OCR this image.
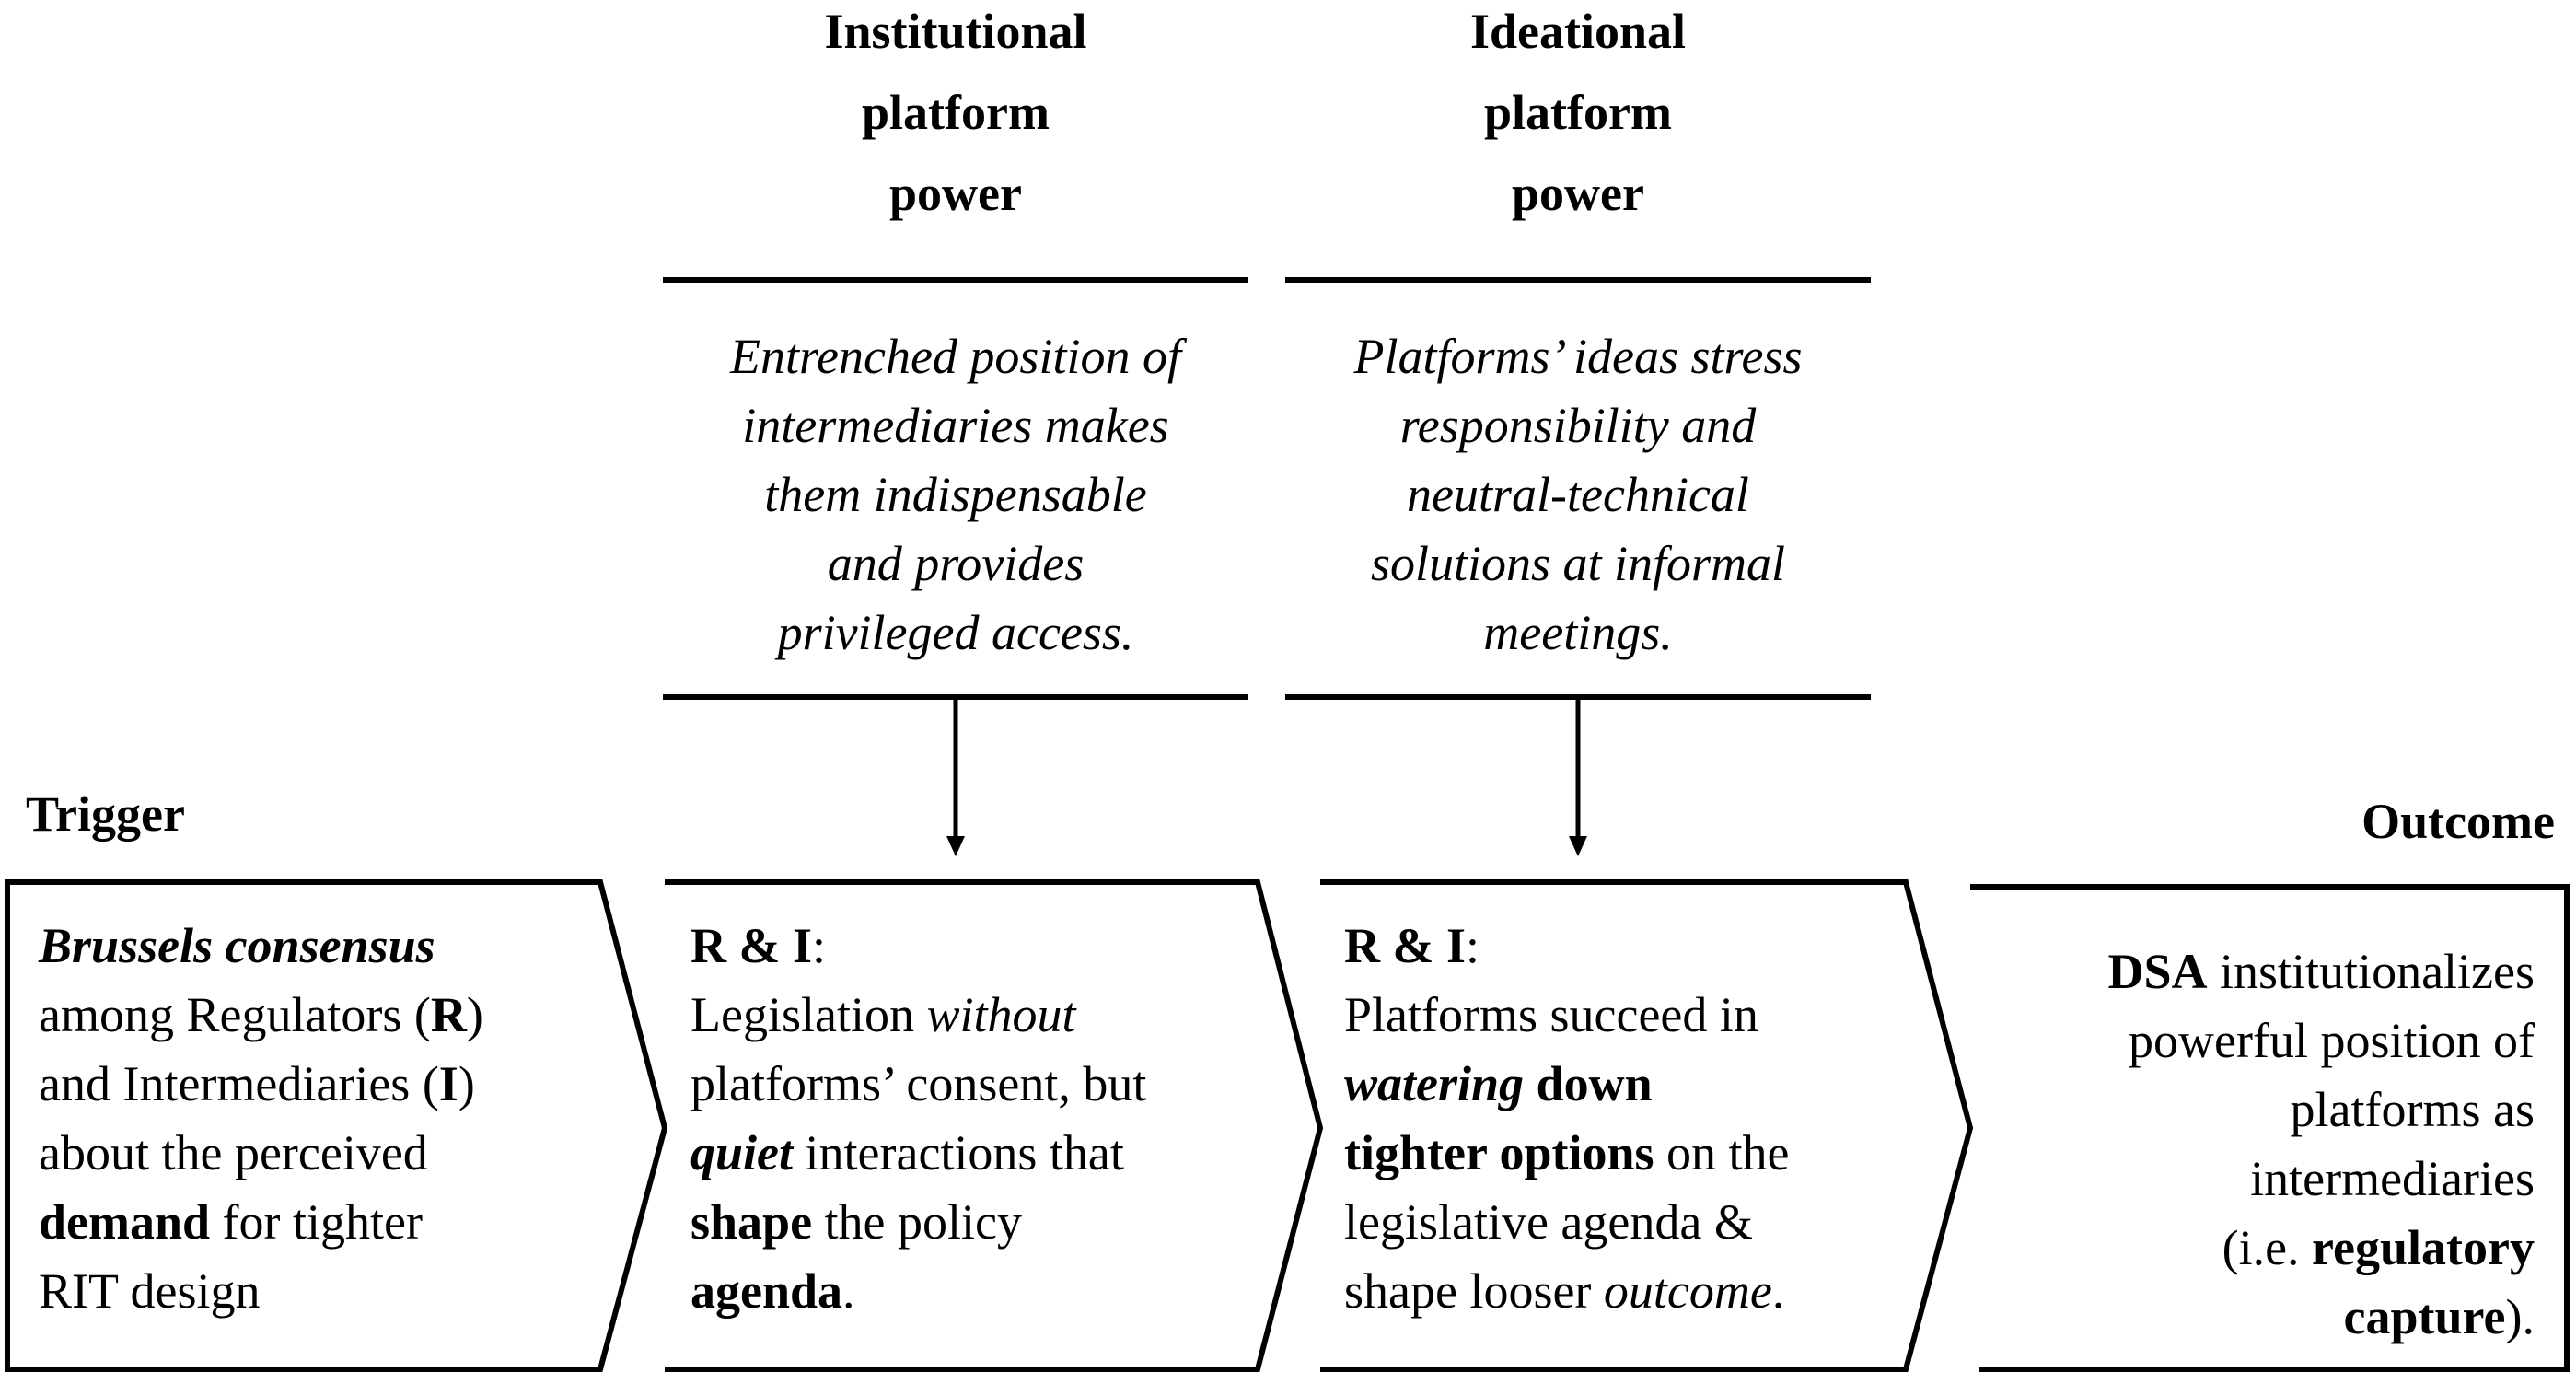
Institutional
platform
power
Ideational
platform
power
Entrenched position of
intermediaries makes
them indispensable
and provides
privileged access.
Platforms’ ideas stress
responsibility and
neutral-technical
solutions at informal
meetings.
Trigger	Outcome
Brussels consensus
among Regulators (R)
and Intermediaries (I)
about the perceived
demand for tighter
RIT design
R & I:
Legislation without
platforms’ consent, but
quiet interactions that
shape the policy
agenda.
R & I:
Platforms succeed in
watering down
tighter options on the
legislative agenda &
shape looser outcome.
DSA institutionalizes
powerful position of
platforms as
intermediaries
(i.e. regulatory
capture).
